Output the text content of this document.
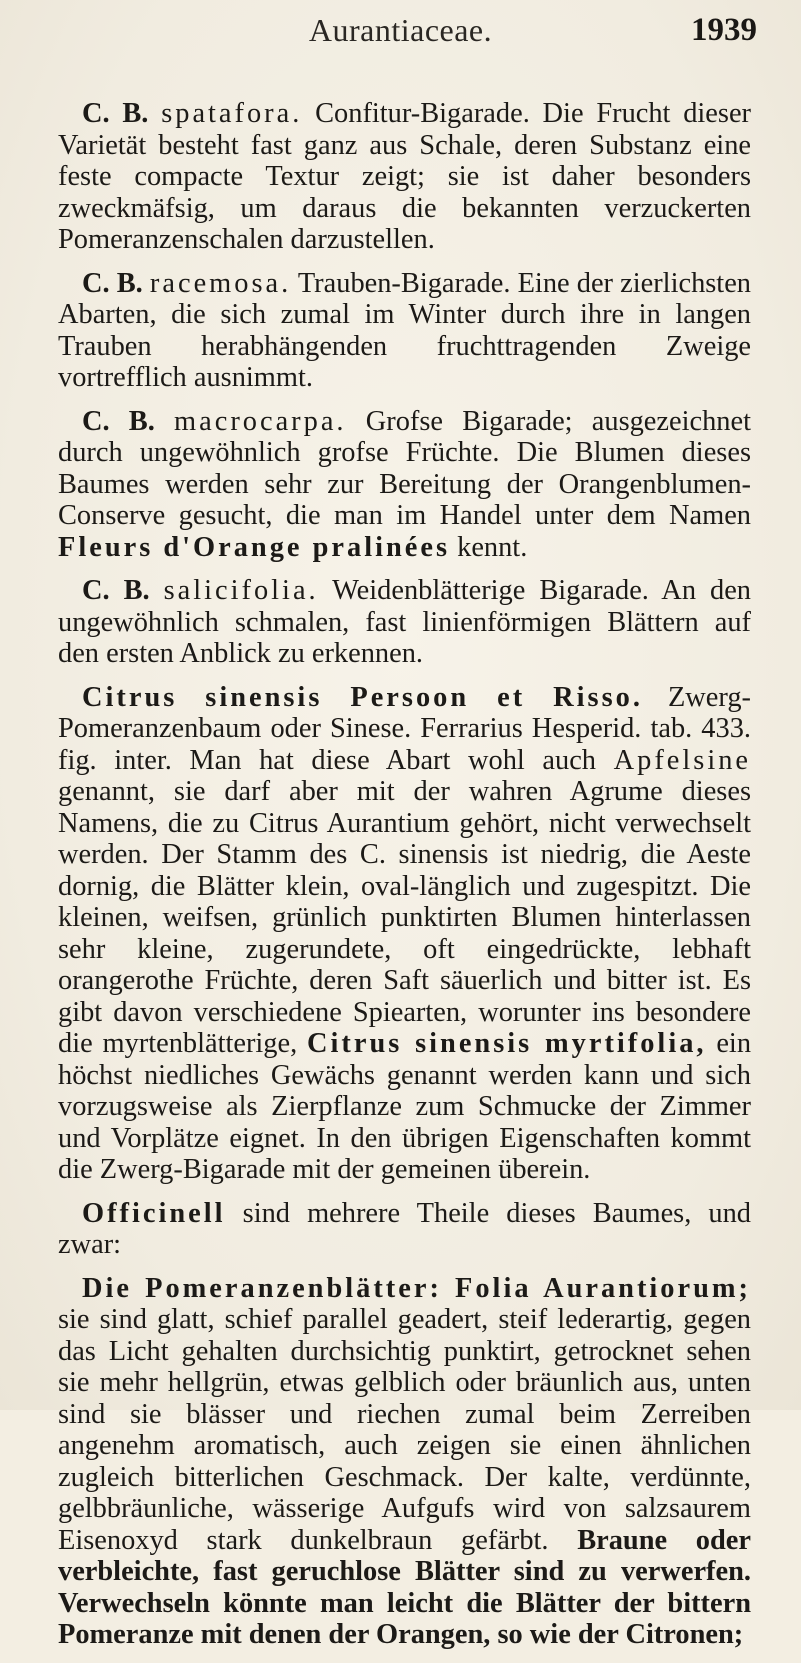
Aurantiaceae.	1939

C. B. spatafora. Confitur-Bigarade. Die Frucht dieser Varietät besteht fast ganz aus Schale, deren Substanz eine feste compacte Textur zeigt; sie ist daher besonders zweckmäfsig, um daraus die bekannten verzuckerten Pomeranzenschalen darzustellen.

C. B. racemosa. Trauben-Bigarade. Eine der zierlichsten Abarten, die sich zumal im Winter durch ihre in langen Trauben herabhängenden fruchttragenden Zweige vortrefflich ausnimmt.

C. B. macrocarpa. Grofse Bigarade; ausgezeichnet durch ungewöhnlich grofse Früchte. Die Blumen dieses Baumes werden sehr zur Bereitung der Orangenblumen-Conserve gesucht, die man im Handel unter dem Namen Fleurs d'Orange pralinées kennt.

C. B. salicifolia. Weidenblätterige Bigarade. An den ungewöhnlich schmalen, fast linienförmigen Blättern auf den ersten Anblick zu erkennen.

Citrus sinensis Persoon et Risso. Zwerg-Pomeranzenbaum oder Sinese. Ferrarius Hesperid. tab. 433. fig. inter. Man hat diese Abart wohl auch Apfelsine genannt, sie darf aber mit der wahren Agrume dieses Namens, die zu Citrus Aurantium gehört, nicht verwechselt werden. Der Stamm des C. sinensis ist niedrig, die Aeste dornig, die Blätter klein, oval-länglich und zugespitzt. Die kleinen, weifsen, grünlich punktirten Blumen hinterlassen sehr kleine, zugerundete, oft eingedrückte, lebhaft orangerothe Früchte, deren Saft säuerlich und bitter ist. Es gibt davon verschiedene Spiearten, worunter ins besondere die myrtenblätterige, Citrus sinensis myrtifolia, ein höchst niedliches Gewächs genannt werden kann und sich vorzugsweise als Zierpflanze zum Schmucke der Zimmer und Vorplätze eignet. In den übrigen Eigenschaften kommt die Zwerg-Bigarade mit der gemeinen überein.

Officinell sind mehrere Theile dieses Baumes, und zwar:

Die Pomeranzenblätter: Folia Aurantiorum; sie sind glatt, schief parallel geadert, steif lederartig, gegen das Licht gehalten durchsichtig punktirt, getrocknet sehen sie mehr hellgrün, etwas gelblich oder bräunlich aus, unten sind sie blässer und riechen zumal beim Zerreiben angenehm aromatisch, auch zeigen sie einen ähnlichen zugleich bitterlichen Geschmack. Der kalte, verdünnte, gelbbräunliche, wässerige Aufgufs wird von salzsaurem Eisenoxyd stark dunkelbraun gefärbt. Braune oder verbleichte, fast geruchlose Blätter sind zu verwerfen. Verwechseln könnte man leicht die Blätter der bittern Pomeranze mit denen der Orangen, so wie der Citronen;
